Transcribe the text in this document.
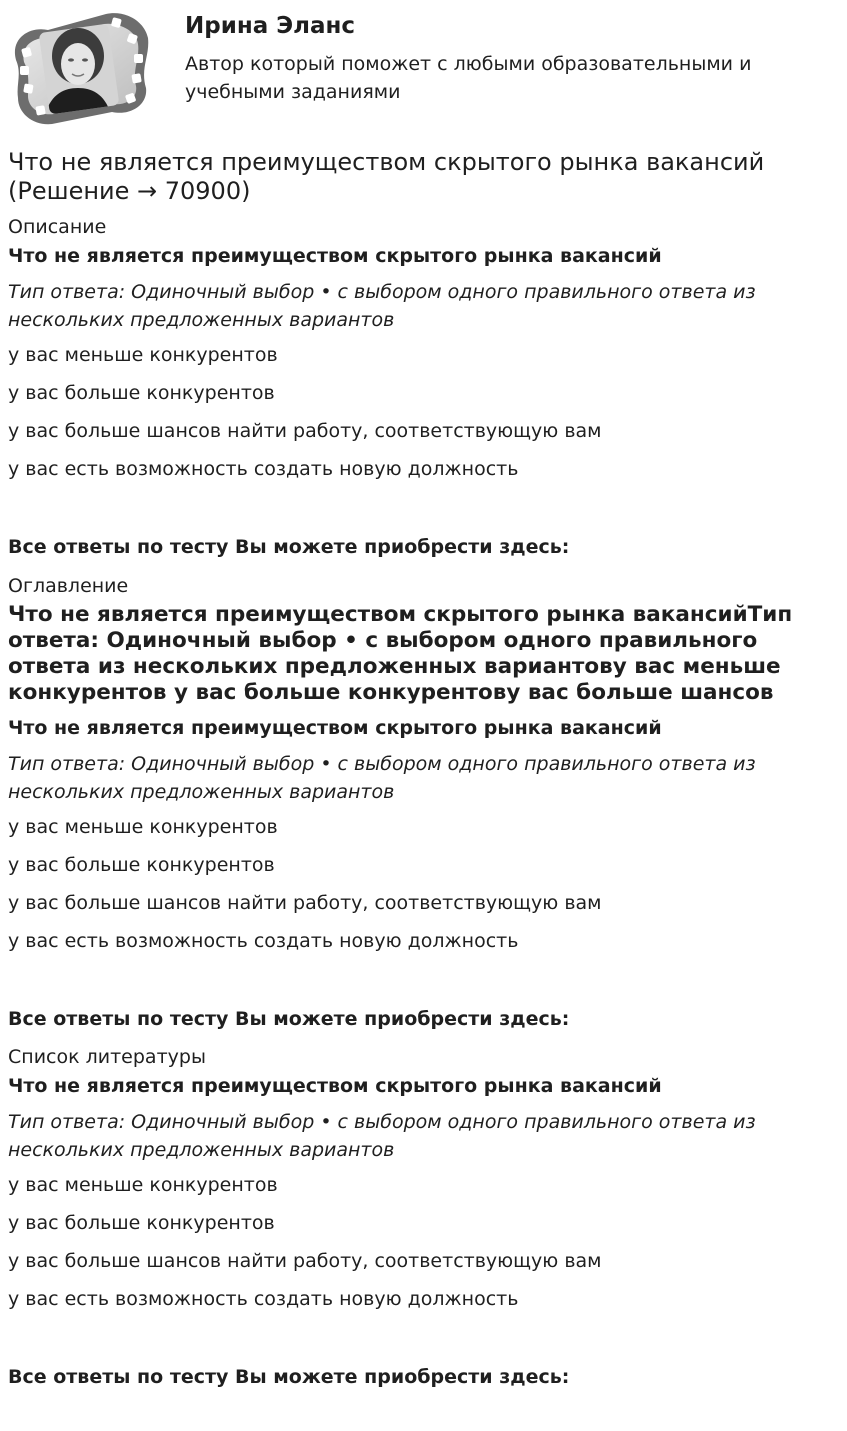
Ирина Эланс
Автор который поможет с любыми образовательными и учебными заданиями
Что не является преимуществом скрытого рынка вакансий (Решение → 70900)
Описание
Что не является преимуществом скрытого рынка вакансий
Тип ответа: Одиночный выбор • с выбором одного правильного ответа из нескольких предложенных вариантов
у вас меньше конкурентов
у вас больше конкурентов
у вас больше шансов найти работу, соответствующую вам
у вас есть возможность создать новую должность
Все ответы по тесту Вы можете приобрести здесь:
Оглавление
Что не является преимуществом скрытого рынка вакансийТип ответа: Одиночный выбор • с выбором одного правильного ответа из нескольких предложенных вариантову вас меньше конкурентов у вас больше конкурентову вас больше шансов
Что не является преимуществом скрытого рынка вакансий
Тип ответа: Одиночный выбор • с выбором одного правильного ответа из нескольких предложенных вариантов
у вас меньше конкурентов
у вас больше конкурентов
у вас больше шансов найти работу, соответствующую вам
у вас есть возможность создать новую должность
Все ответы по тесту Вы можете приобрести здесь:
Список литературы
Что не является преимуществом скрытого рынка вакансий
Тип ответа: Одиночный выбор • с выбором одного правильного ответа из нескольких предложенных вариантов
у вас меньше конкурентов
у вас больше конкурентов
у вас больше шансов найти работу, соответствующую вам
у вас есть возможность создать новую должность
Все ответы по тесту Вы можете приобрести здесь:
